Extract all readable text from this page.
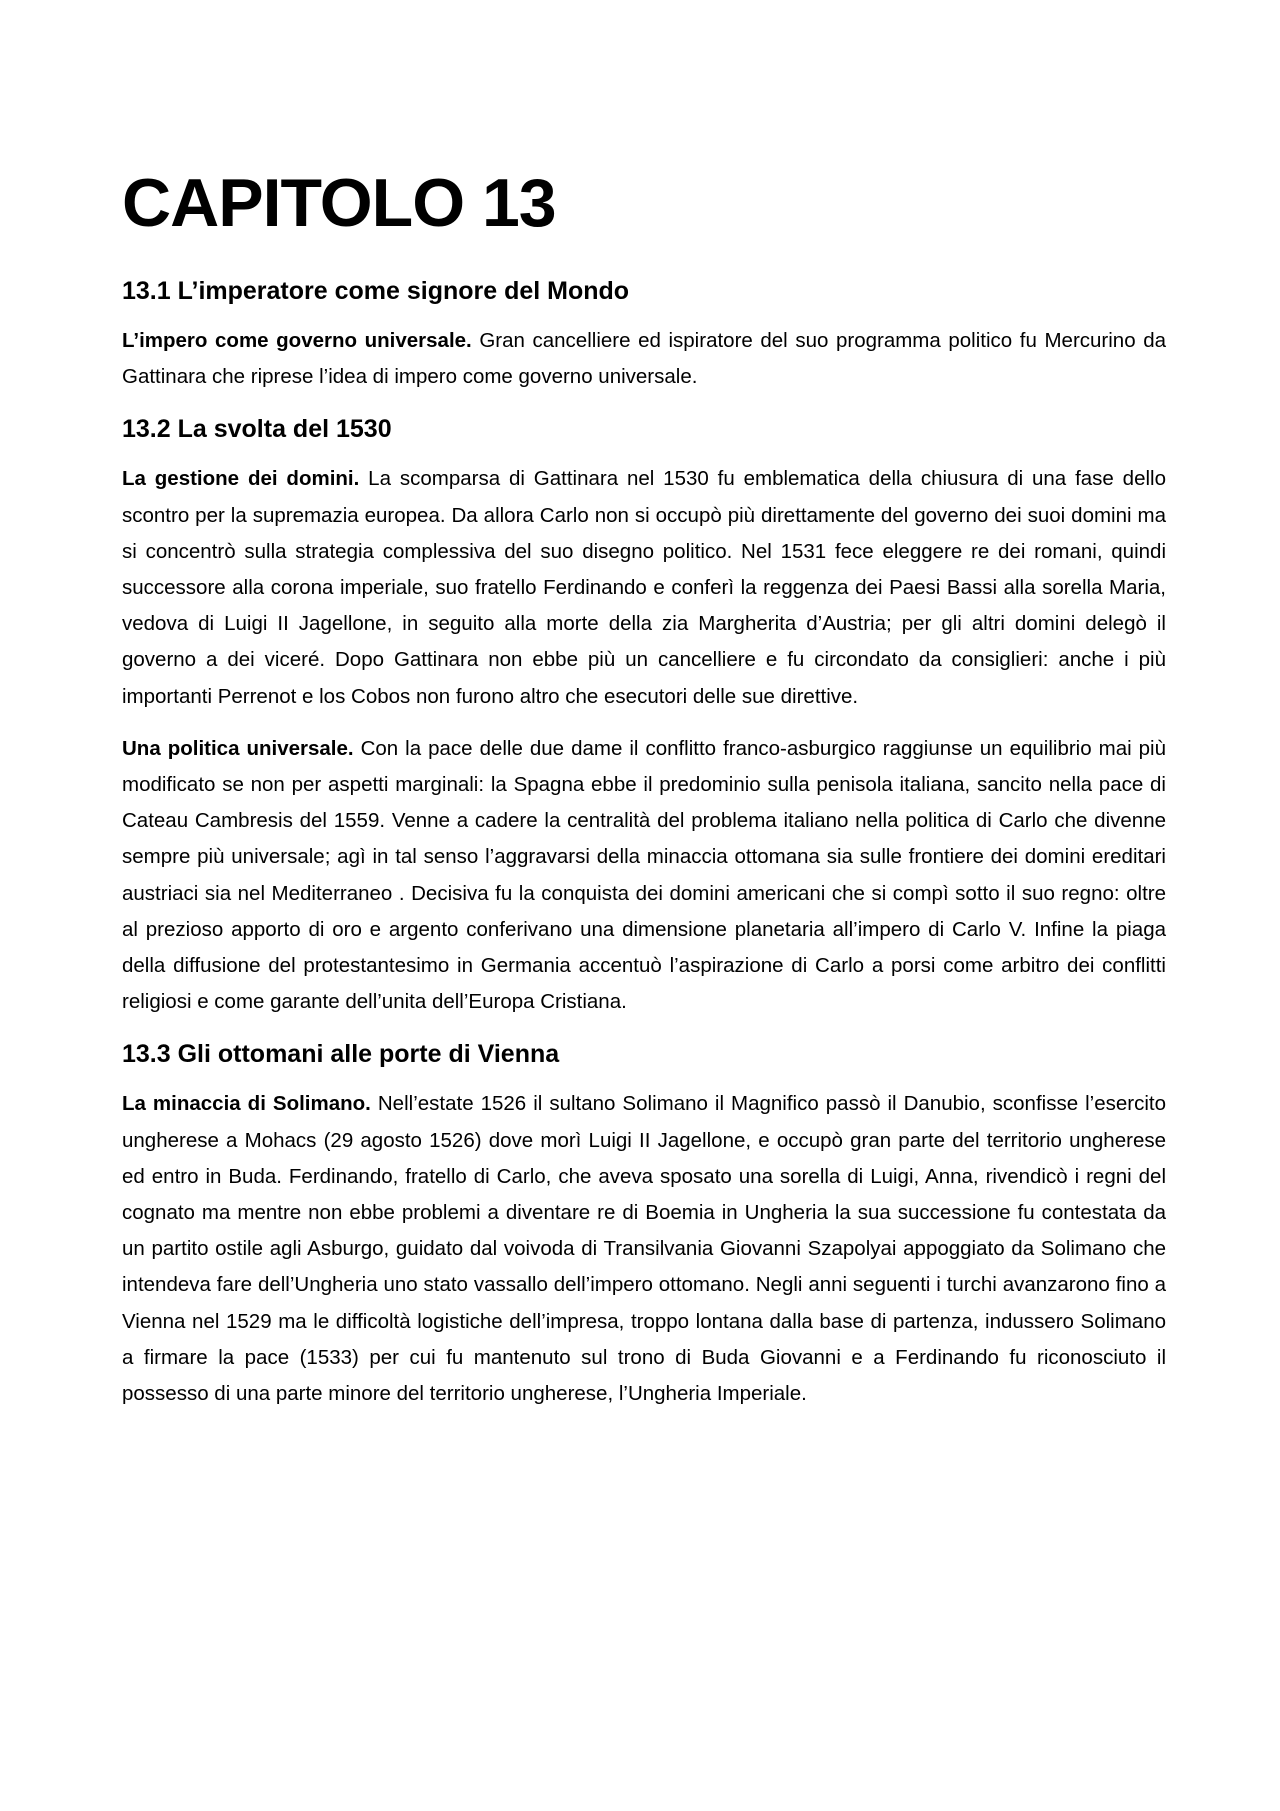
CAPITOLO 13
13.1 L’imperatore come signore del Mondo

L’impero come governo universale. Gran cancelliere ed ispiratore del suo programma politico fu Mercurino da Gattinara che riprese l’idea di impero come governo universale.

13.2 La svolta del 1530

La gestione dei domini. La scomparsa di Gattinara nel 1530 fu emblematica della chiusura di una fase dello scontro per la supremazia europea. Da allora Carlo non si occupò più direttamente del governo dei suoi domini ma si concentrò sulla strategia complessiva del suo disegno politico. Nel 1531 fece eleggere re dei romani, quindi successore alla corona imperiale, suo fratello Ferdinando e conferì la reggenza dei Paesi Bassi alla sorella Maria, vedova di Luigi II Jagellone, in seguito alla morte della zia Margherita d’Austria; per gli altri domini delegò il governo a dei viceré. Dopo Gattinara non ebbe più un cancelliere e fu circondato da consiglieri: anche i più importanti Perrenot e los Cobos non furono altro che esecutori delle sue direttive.

Una politica universale. Con la pace delle due dame il conflitto franco-asburgico raggiunse un equilibrio mai più modificato se non per aspetti marginali: la Spagna ebbe il predominio sulla penisola italiana, sancito nella pace di Cateau Cambresis del 1559. Venne a cadere la centralità del problema italiano nella politica di Carlo che divenne sempre più universale; agì in tal senso l’aggravarsi della minaccia ottomana sia sulle frontiere dei domini ereditari austriaci sia nel Mediterraneo . Decisiva fu la conquista dei domini americani che si compì sotto il suo regno: oltre al prezioso apporto di oro e argento conferivano una dimensione planetaria all’impero di Carlo V. Infine la piaga della diffusione del protestantesimo in Germania accentuò l’aspirazione di Carlo a porsi come arbitro dei conflitti religiosi e come garante dell’unita dell’Europa Cristiana.

13.3 Gli ottomani alle porte di Vienna

La minaccia di Solimano. Nell’estate 1526 il sultano Solimano il Magnifico passò il Danubio, sconfisse l’esercito ungherese a Mohacs (29 agosto 1526) dove morì Luigi II Jagellone, e occupò gran parte del territorio ungherese ed entro in Buda. Ferdinando, fratello di Carlo, che aveva sposato una sorella di Luigi, Anna, rivendicò i regni del cognato ma mentre non ebbe problemi a diventare re di Boemia in Ungheria la sua successione fu contestata da un partito ostile agli Asburgo, guidato dal voivoda di Transilvania Giovanni Szapolyai appoggiato da Solimano che intendeva fare dell’Ungheria uno stato vassallo dell’impero ottomano. Negli anni seguenti i turchi avanzarono fino a Vienna nel 1529 ma le difficoltà logistiche dell’impresa, troppo lontana dalla base di partenza, indussero Solimano a firmare la pace (1533) per cui fu mantenuto sul trono di Buda Giovanni e a Ferdinando fu riconosciuto il possesso di una parte minore del territorio ungherese, l’Ungheria Imperiale.
